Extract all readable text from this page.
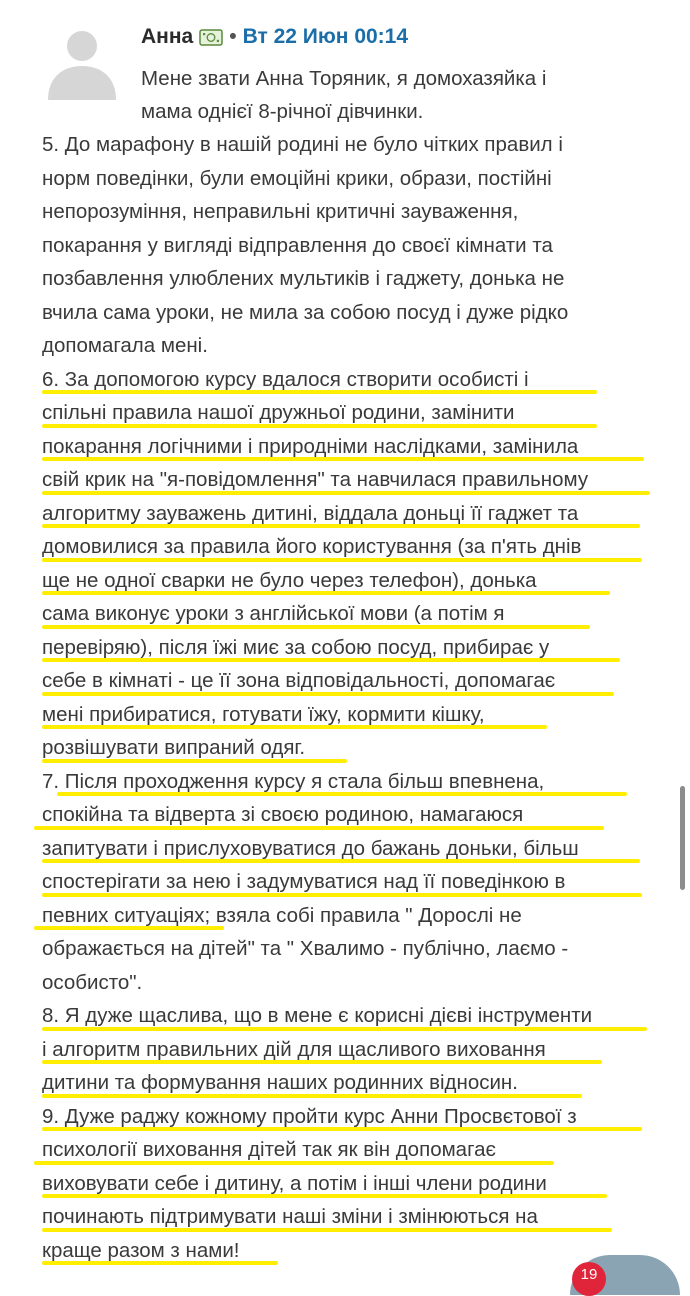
Анна • Вт 22 Июн 00:14

Мене звати Анна Торяник, я домохазяйка і

мама однієї 8-річної дівчинки.

5. До марафону в нашій родині не було чітких правил і
норм поведінки, були емоційні крики, образи, постійні
непорозуміння, неправильні критичні зауваження,
покарання у вигляді відправлення до своєї кімнати та
позбавлення улюблених мультиків і гаджету, донька не
вчила сама уроки, не мила за собою посуд і дуже рідко
допомагала мені.
6. За допомогою курсу вдалося створити особисті і
спільні правила нашої дружньої родини, замінити
покарання логічними і природніми наслідками, замінила
свій крик на "я-повідомлення" та навчилася правильному
алгоритму зауважень дитині, віддала доньці її гаджет та
домовилися за правила його користування (за п'ять днів
ще не одної сварки не було через телефон), донька
сама виконує уроки з англійської мови (а потім я
перевіряю), після їжі миє за собою посуд, прибирає у
себе в кімнаті - це її зона відповідальності, допомагає
мені прибиратися, готувати їжу, кормити кішку,
розвішувати випраний одяг.
7. Після проходження курсу я стала більш впевнена,
спокійна та відверта зі своєю родиною, намагаюся
запитувати і прислуховуватися до бажань доньки, більш
спостерігати за нею і задумуватися над її поведінкою в
певних ситуаціях; взяла собі правила " Дорослі не
ображається на дітей" та " Хвалимо - публічно, лаємо -
особисто".
8. Я дуже щаслива, що в мене є корисні дієві інструменти
і алгоритм правильних дій для щасливого виховання
дитини та формування наших родинних відносин.
9. Дуже раджу кожному пройти курс Анни Просвєтової з
психології виховання дітей так як він допомагає
виховувати себе і дитину, а потім і інші члени родини
починають підтримувати наші зміни і змінюються на
краще разом з нами!
19
